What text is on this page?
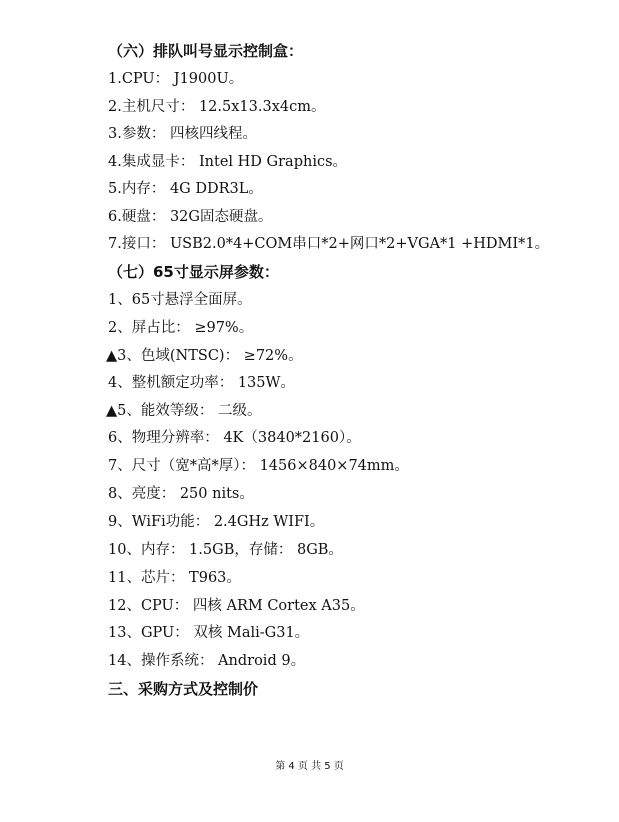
（六）排队叫号显示控制盒：
1.CPU： J1900U。
2.主机尺寸： 12.5x13.3x4cm。
3.参数： 四核四线程。
4.集成显卡： Intel HD Graphics。
5.内存： 4G DDR3L。
6.硬盘： 32G固态硬盘。
7.接口： USB2.0*4+COM串口*2+网口*2+VGA*1 +HDMI*1。
（七）65寸显示屏参数：
1、65寸悬浮全面屏。
2、屏占比： ≥97%。
▲3、色域(NTSC)： ≥72%。
4、整机额定功率： 135W。
▲5、能效等级： 二级。
6、物理分辨率： 4K（3840*2160）。
7、尺寸（宽*高*厚）： 1456×840×74mm。
8、亮度： 250 nits。
9、WiFi功能： 2.4GHz WIFI。
10、内存： 1.5GB，存储： 8GB。
11、芯片： T963。
12、CPU： 四核 ARM Cortex A35。
13、GPU： 双核 Mali-G31。
14、操作系统： Android 9。
三、采购方式及控制价
第 4 页 共 5 页
